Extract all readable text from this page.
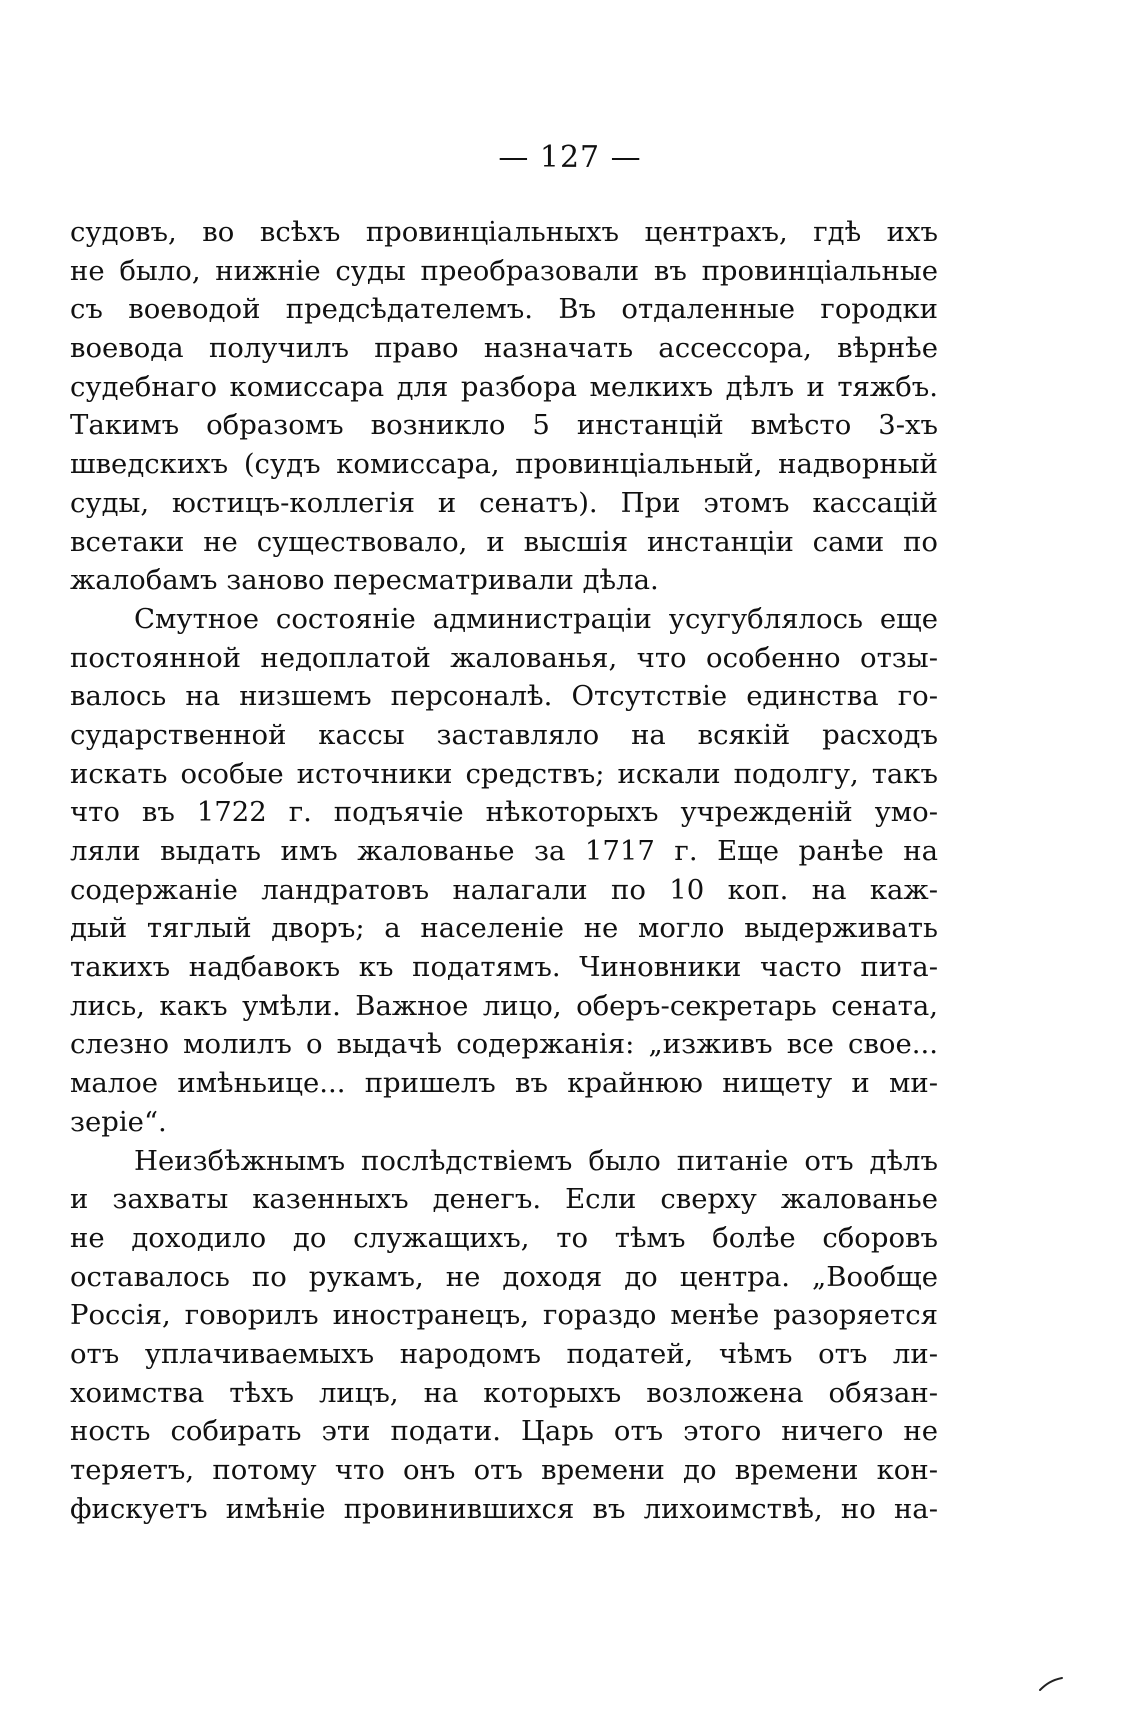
— 127 —

судовъ, во всѣхъ провинціальныхъ центрахъ, гдѣ ихъ
не было, нижніе суды преобразовали въ провинціальные
съ воеводой предсѣдателемъ. Въ отдаленные городки
воевода получилъ право назначать ассессора, вѣрнѣе
судебнаго комиссара для разбора мелкихъ дѣлъ и тяжбъ.
Такимъ образомъ возникло 5 инстанцій вмѣсто 3-хъ
шведскихъ (судъ комиссара, провинціальный, надворный
суды, юстицъ-коллегія и сенатъ). При этомъ кассацій
всетаки не существовало, и высшія инстанціи сами по
жалобамъ заново пересматривали дѣла.

Смутное состояніе администраціи усугублялось еще
постоянной недоплатой жалованья, что особенно отзы-
валось на низшемъ персоналѣ. Отсутствіе единства го-
сударственной кассы заставляло на всякій расходъ
искать особые источники средствъ; искали подолгу, такъ
что въ 1722 г. подъячіе нѣкоторыхъ учрежденій умо-
ляли выдать имъ жалованье за 1717 г. Еще ранѣе на
содержаніе ландратовъ налагали по 10 коп. на каж-
дый тяглый дворъ; а населеніе не могло выдерживать
такихъ надбавокъ къ податямъ. Чиновники часто пита-
лись, какъ умѣли. Важное лицо, оберъ-секретарь сената,
слезно молилъ о выдачѣ содержанія: „изживъ все свое...
малое имѣньице... пришелъ въ крайнюю нищету и ми-
зеріе“.

Неизбѣжнымъ послѣдствіемъ было питаніе отъ дѣлъ
и захваты казенныхъ денегъ. Если сверху жалованье
не доходило до служащихъ, то тѣмъ болѣе сборовъ
оставалось по рукамъ, не доходя до центра. „Вообще
Россія, говорилъ иностранецъ, гораздо менѣе разоряется
отъ уплачиваемыхъ народомъ податей, чѣмъ отъ ли-
хоимства тѣхъ лицъ, на которыхъ возложена обязан-
ность собирать эти подати. Царь отъ этого ничего не
теряетъ, потому что онъ отъ времени до времени кон-
фискуетъ имѣніе провинившихся въ лихоимствѣ, но на-
